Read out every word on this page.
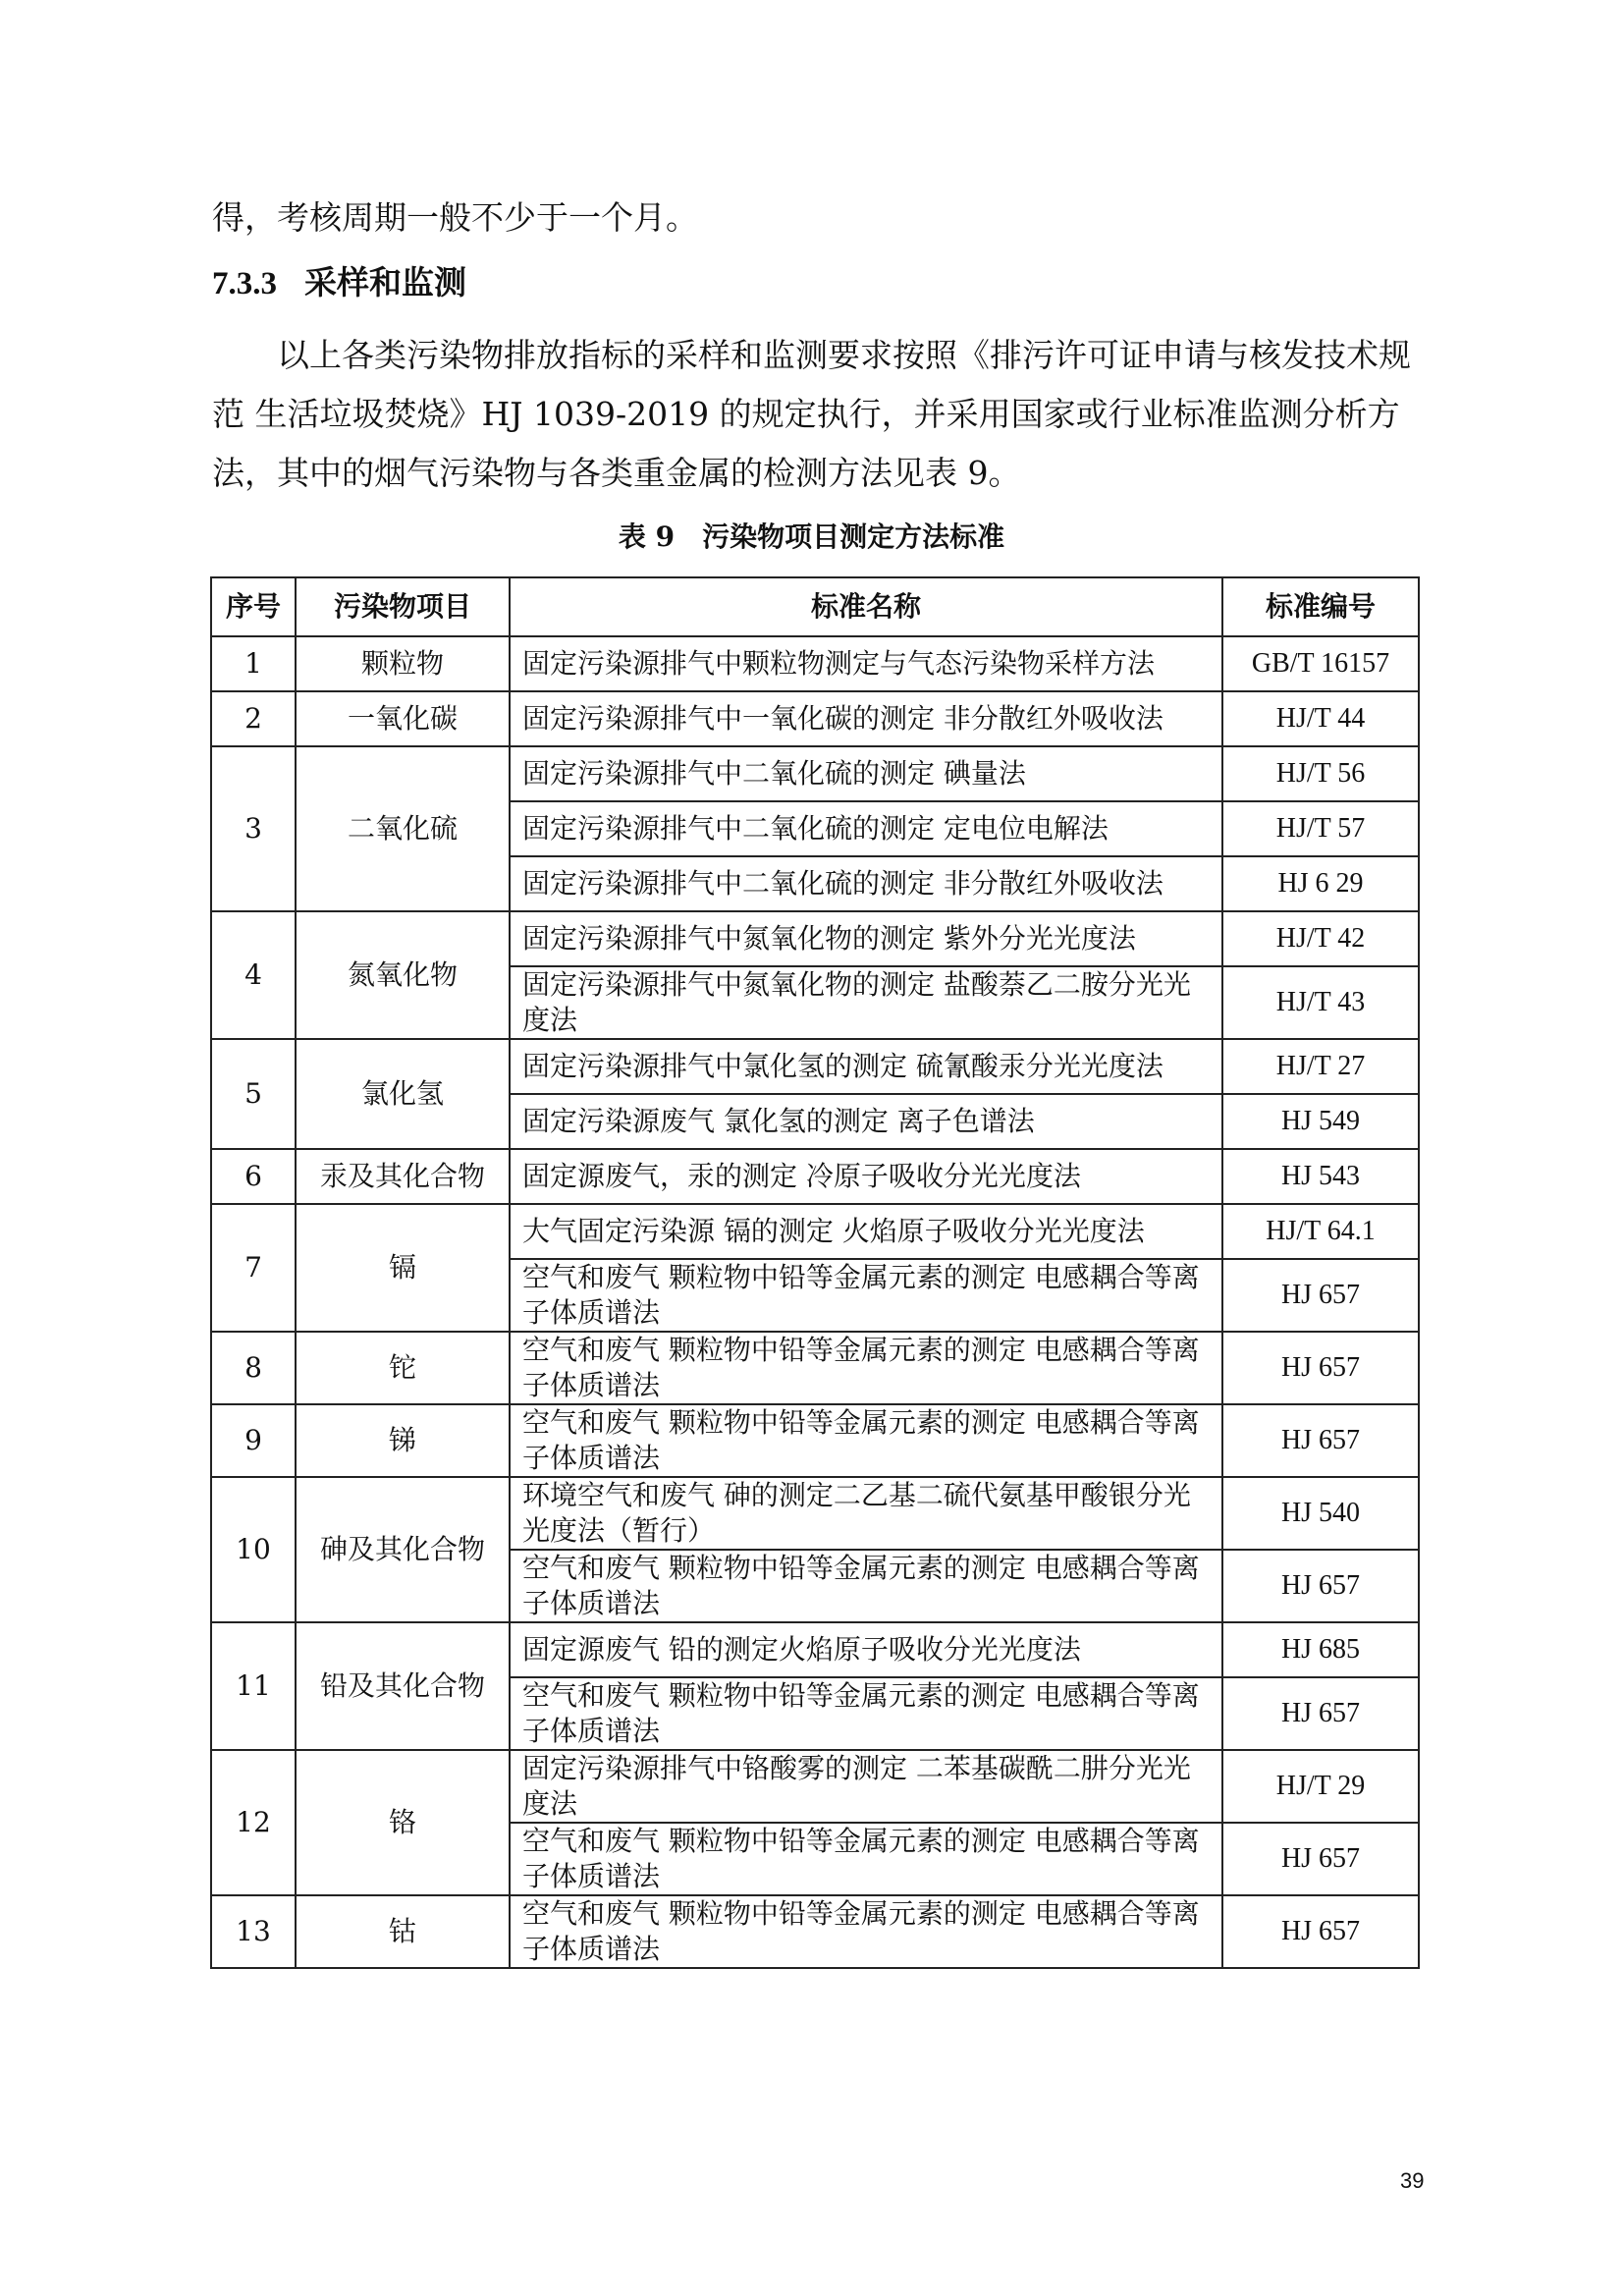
得，考核周期一般不少于一个月。

7.3.3 采样和监测

以上各类污染物排放指标的采样和监测要求按照《排污许可证申请与核发技术规范 生活垃圾焚烧》HJ 1039-2019 的规定执行，并采用国家或行业标准监测分析方法，其中的烟气污染物与各类重金属的检测方法见表 9。

表 9　污染物项目测定方法标准

序号	污染物项目	标准名称	标准编号
1	颗粒物	固定污染源排气中颗粒物测定与气态污染物采样方法	GB/T 16157
2	一氧化碳	固定污染源排气中一氧化碳的测定 非分散红外吸收法	HJ/T 44
3	二氧化硫	固定污染源排气中二氧化硫的测定 碘量法	HJ/T 56
		固定污染源排气中二氧化硫的测定 定电位电解法	HJ/T 57
		固定污染源排气中二氧化硫的测定 非分散红外吸收法	HJ 6 29
4	氮氧化物	固定污染源排气中氮氧化物的测定 紫外分光光度法	HJ/T 42
		固定污染源排气中氮氧化物的测定 盐酸萘乙二胺分光光度法	HJ/T 43
5	氯化氢	固定污染源排气中氯化氢的测定 硫氰酸汞分光光度法	HJ/T 27
		固定污染源废气 氯化氢的测定 离子色谱法	HJ 549
6	汞及其化合物	固定源废气，汞的测定 冷原子吸收分光光度法	HJ 543
7	镉	大气固定污染源 镉的测定 火焰原子吸收分光光度法	HJ/T 64.1
		空气和废气 颗粒物中铅等金属元素的测定 电感耦合等离子体质谱法	HJ 657
8	铊	空气和废气 颗粒物中铅等金属元素的测定 电感耦合等离子体质谱法	HJ 657
9	锑	空气和废气 颗粒物中铅等金属元素的测定 电感耦合等离子体质谱法	HJ 657
10	砷及其化合物	环境空气和废气 砷的测定二乙基二硫代氨基甲酸银分光光度法（暂行）	HJ 540
		空气和废气 颗粒物中铅等金属元素的测定 电感耦合等离子体质谱法	HJ 657
11	铅及其化合物	固定源废气 铅的测定火焰原子吸收分光光度法	HJ 685
		空气和废气 颗粒物中铅等金属元素的测定 电感耦合等离子体质谱法	HJ 657
12	铬	固定污染源排气中铬酸雾的测定 二苯基碳酰二肼分光光度法	HJ/T 29
		空气和废气 颗粒物中铅等金属元素的测定 电感耦合等离子体质谱法	HJ 657
13	钴	空气和废气 颗粒物中铅等金属元素的测定 电感耦合等离子体质谱法	HJ 657
39
